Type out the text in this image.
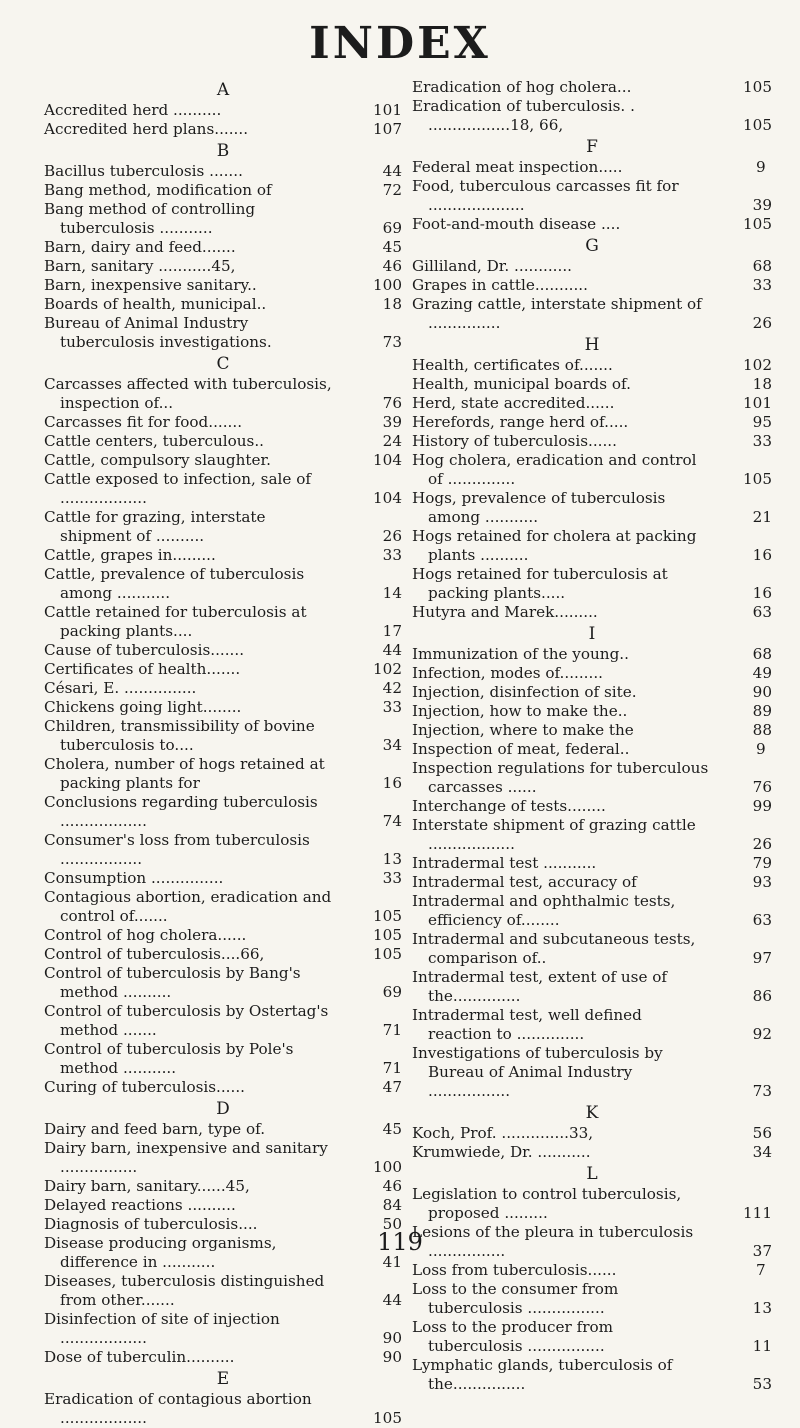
INDEX
A
Accredited herd ..........	101
Accredited herd plans.......	107
B
Bacillus tuberculosis .......	44
Bang method, modification of	72
Bang method of controlling tuberculosis ...........	69
Barn, dairy and feed.......	45
Barn, sanitary ...........45,	46
Barn, inexpensive sanitary..	100
Boards of health, municipal..	18
Bureau of Animal Industry tuberculosis investigations.	73
C
Carcasses affected with tuberculosis, inspection of...	76
Carcasses fit for food.......	39
Cattle centers, tuberculous..	24
Cattle, compulsory slaughter.	104
Cattle exposed to infection, sale of ..................	104
Cattle for grazing, interstate shipment of ..........	26
Cattle, grapes in.........	33
Cattle, prevalence of tuberculosis among ...........	14
Cattle retained for tuberculosis at packing plants....	17
Cause of tuberculosis.......	44
Certificates of health.......	102
Césari, E. ...............	42
Chickens going light........	33
Children, transmissibility of bovine tuberculosis to....	34
Cholera, number of hogs retained at packing plants for	16
Conclusions regarding tuberculosis ..................	74
Consumer's loss from tuberculosis .................	13
Consumption ...............	33
Contagious abortion, eradication and control of.......	105
Control of hog cholera......	105
Control of tuberculosis....66,	105
Control of tuberculosis by Bang's method ..........	69
Control of tuberculosis by Ostertag's method .......	71
Control of tuberculosis by Pole's method ...........	71
Curing of tuberculosis......	47
D
Dairy and feed barn, type of.	45
Dairy barn, inexpensive and sanitary ................	100
Dairy barn, sanitary......45,	46
Delayed reactions ..........	84
Diagnosis of tuberculosis....	50
Disease producing organisms, difference in ...........	41
Diseases, tuberculosis distinguished from other.......	44
Disinfection of site of injection ..................	90
Dose of tuberculin..........	90
E
Eradication of contagious abortion ..................	105
Eradication of hog cholera...	105
Eradication of tuberculosis. . .................18, 66,	105
F
Federal meat inspection.....	9
Food, tuberculous carcasses fit for ....................	39
Foot-and-mouth disease ....	105
G
Gilliland, Dr. ............	68
Grapes in cattle...........	33
Grazing cattle, interstate shipment of ...............	26
H
Health, certificates of.......	102
Health, municipal boards of.	18
Herd, state accredited......	101
Herefords, range herd of.....	95
History of tuberculosis......	33
Hog cholera, eradication and control of ..............	105
Hogs, prevalence of tuberculosis among ...........	21
Hogs retained for cholera at packing plants ..........	16
Hogs retained for tuberculosis at packing plants.....	16
Hutyra and Marek.........	63
I
Immunization of the young..	68
Infection, modes of.........	49
Injection, disinfection of site.	90
Injection, how to make the..	89
Injection, where to make the	88
Inspection of meat, federal..	9
Inspection regulations for tuberculous carcasses ......	76
Interchange of tests........	99
Interstate shipment of grazing cattle ..................	26
Intradermal test ...........	79
Intradermal test, accuracy of	93
Intradermal and ophthalmic tests, efficiency of........	63
Intradermal and subcutaneous tests, comparison of..	97
Intradermal test, extent of use of the..............	86
Intradermal test, well defined reaction to ..............	92
Investigations of tuberculosis by Bureau of Animal Industry .................	73
K
Koch, Prof. ..............33,	56
Krumwiede, Dr. ...........	34
L
Legislation to control tuberculosis, proposed .........	111
Lesions of the pleura in tuberculosis ................	37
Loss from tuberculosis......	7
Loss to the consumer from tuberculosis ................	13
Loss to the producer from tuberculosis ................	11
Lymphatic glands, tuberculosis of the...............	53
119
